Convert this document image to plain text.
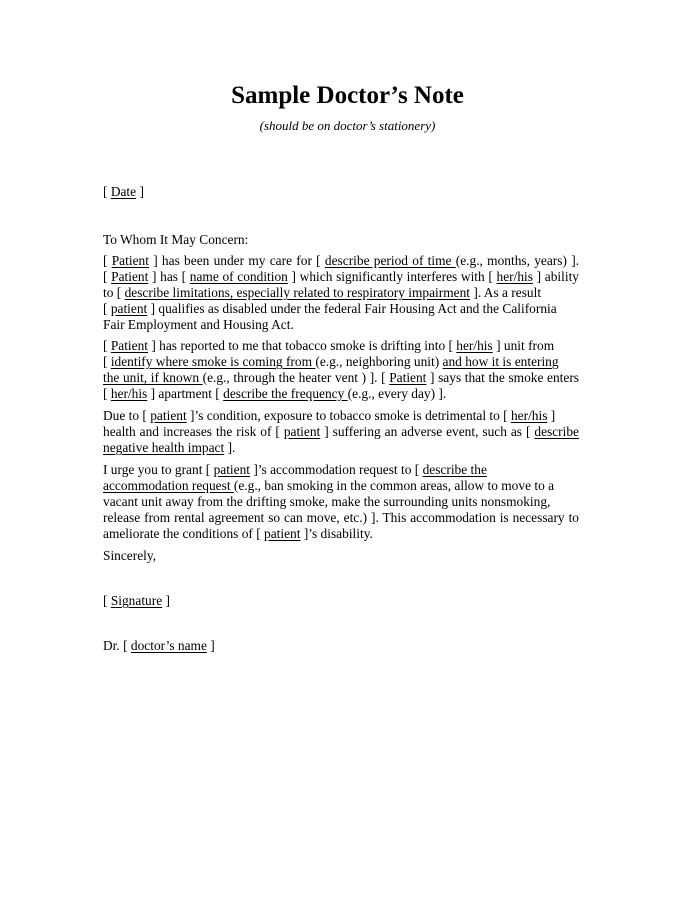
Sample Doctor’s Note
(should be on doctor’s stationery)
[ Date ]
To Whom It May Concern:
[ Patient ] has been under my care for [ describe period of time (e.g., months, years) ].
[ Patient ] has [ name of condition ] which significantly interferes with [ her/his ] ability
to [ describe limitations, especially related to respiratory impairment ]. As a result
[ patient ] qualifies as disabled under the federal Fair Housing Act and the California
Fair Employment and Housing Act.
[ Patient ] has reported to me that tobacco smoke is drifting into [ her/his ] unit from
[ identify where smoke is coming from (e.g., neighboring unit) and how it is entering
the unit, if known (e.g., through the heater vent ) ]. [ Patient ] says that the smoke enters
[ her/his ] apartment [ describe the frequency (e.g., every day) ].
Due to [ patient ]’s condition, exposure to tobacco smoke is detrimental to [ her/his ]
health and increases the risk of [ patient ] suffering an adverse event, such as [ describe
negative health impact ].
I urge you to grant [ patient ]’s accommodation request to [ describe the
accommodation request (e.g., ban smoking in the common areas, allow to move to a
vacant unit away from the drifting smoke, make the surrounding units nonsmoking,
release from rental agreement so can move, etc.) ]. This accommodation is necessary to
ameliorate the conditions of [ patient ]’s disability.
Sincerely,
[ Signature ]
Dr. [ doctor’s name ]
